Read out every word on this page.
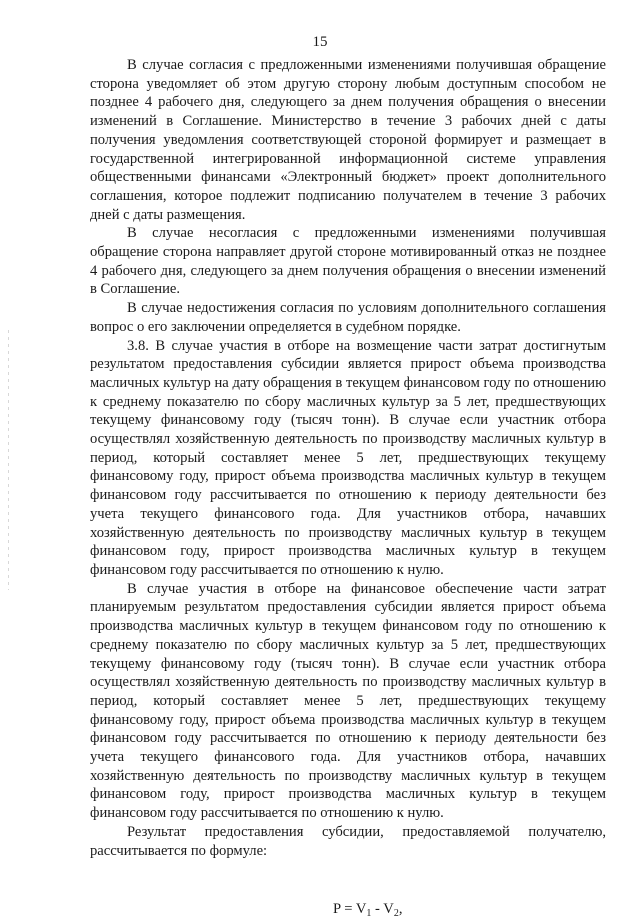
15

В случае согласия с предложенными изменениями получившая обращение сторона уведомляет об этом другую сторону любым доступным способом не позднее 4 рабочего дня, следующего за днем получения обращения о внесении изменений в Соглашение. Министерство в течение 3 рабочих дней с даты получения уведомления соответствующей стороной формирует и размещает в государственной интегрированной информационной системе управления общественными финансами «Электронный бюджет» проект дополнительного соглашения, которое подлежит подписанию получателем в течение 3 рабочих дней с даты размещения.

В случае несогласия с предложенными изменениями получившая обращение сторона направляет другой стороне мотивированный отказ не позднее 4 рабочего дня, следующего за днем получения обращения о внесении изменений в Соглашение.

В случае недостижения согласия по условиям дополнительного соглашения вопрос о его заключении определяется в судебном порядке.

3.8. В случае участия в отборе на возмещение части затрат достигнутым результатом предоставления субсидии является прирост объема производства масличных культур на дату обращения в текущем финансовом году по отношению к среднему показателю по сбору масличных культур за 5 лет, предшествующих текущему финансовому году (тысяч тонн). В случае если участник отбора осуществлял хозяйственную деятельность по производству масличных культур в период, который составляет менее 5 лет, предшествующих текущему финансовому году, прирост объема производства масличных культур в текущем финансовом году рассчитывается по отношению к периоду деятельности без учета текущего финансового года. Для участников отбора, начавших хозяйственную деятельность по производству масличных культур в текущем финансовом году, прирост производства масличных культур в текущем финансовом году рассчитывается по отношению к нулю.

В случае участия в отборе на финансовое обеспечение части затрат планируемым результатом предоставления субсидии является прирост объема производства масличных культур в текущем финансовом году по отношению к среднему показателю по сбору масличных культур за 5 лет, предшествующих текущему финансовому году (тысяч тонн). В случае если участник отбора осуществлял хозяйственную деятельность по производству масличных культур в период, который составляет менее 5 лет, предшествующих текущему финансовому году, прирост объема производства масличных культур в текущем финансовом году рассчитывается по отношению к периоду деятельности без учета текущего финансового года. Для участников отбора, начавших хозяйственную деятельность по производству масличных культур в текущем финансовом году, прирост производства масличных культур в текущем финансовом году рассчитывается по отношению к нулю.

Результат предоставления субсидии, предоставляемой получателю, рассчитывается по формуле:

$P = V_1 - V_2$,
